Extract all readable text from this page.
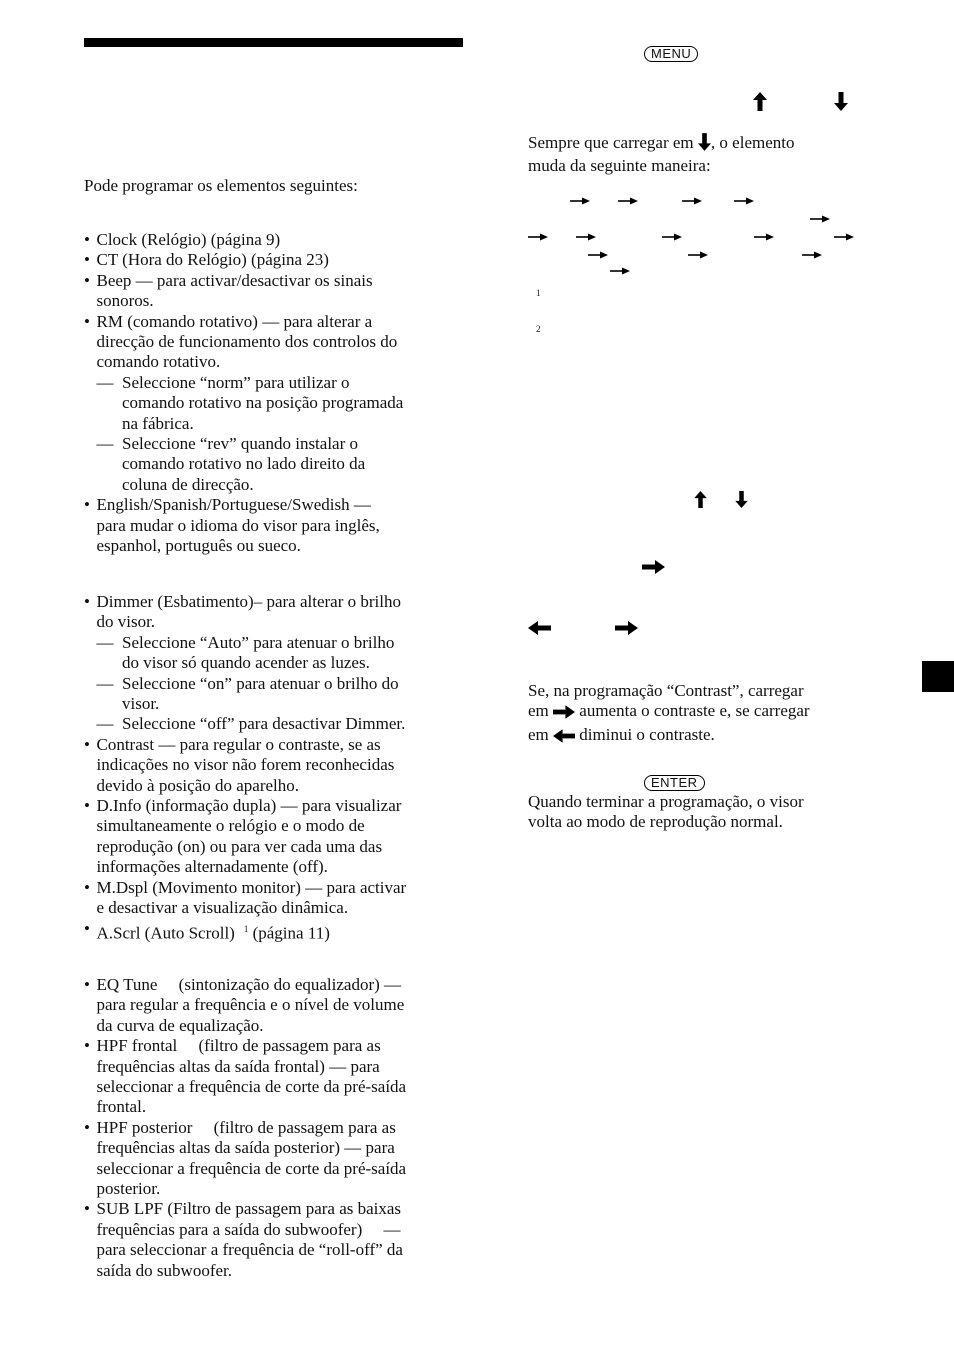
Pode programar os elementos seguintes:
• Clock (Relógio) (página 9)
• CT (Hora do Relógio) (página 23)
• Beep — para activar/desactivar os sinais
sonoros.
• RM (comando rotativo) — para alterar a
direcção de funcionamento dos controlos do
comando rotativo.
— Seleccione “norm” para utilizar o
comando rotativo na posição programada
na fábrica.
— Seleccione “rev” quando instalar o
comando rotativo no lado direito da
coluna de direcção.
• English/Spanish/Portuguese/Swedish —
para mudar o idioma do visor para inglês,
espanhol, português ou sueco.
• Dimmer (Esbatimento)– para alterar o brilho
do visor.
— Seleccione “Auto” para atenuar o brilho
do visor só quando acender as luzes.
— Seleccione “on” para atenuar o brilho do
visor.
— Seleccione “off” para desactivar Dimmer.
• Contrast — para regular o contraste, se as
indicações no visor não forem reconhecidas
devido à posição do aparelho.
• D.Info (informação dupla) — para visualizar
simultaneamente o relógio e o modo de
reprodução (on) ou para ver cada uma das
informações alternadamente (off).
• M.Dspl (Movimento monitor) — para activar
e desactivar a visualização dinâmica.
• A.Scrl (Auto Scroll) $^1$ (página 11)
• EQ Tune     (sintonização do equalizador) —
para regular a frequência e o nível de volume
da curva de equalização.
• HPF frontal     (filtro de passagem para as
frequências altas da saída frontal) — para
seleccionar a frequência de corte da pré-saída
frontal.
• HPF posterior     (filtro de passagem para as
frequências altas da saída posterior) — para
seleccionar a frequência de corte da pré-saída
posterior.
• SUB LPF (Filtro de passagem para as baixas
frequências para a saída do subwoofer)     —
para seleccionar a frequência de “roll-off” da
saída do subwoofer.
MENU
Sempre que carregar em , o elemento
muda da seguinte maneira:
1
2
Se, na programação “Contrast”, carregar
em aumenta o contraste e, se carregar
em diminui o contraste.
ENTER
Quando terminar a programação, o visor
volta ao modo de reprodução normal.
